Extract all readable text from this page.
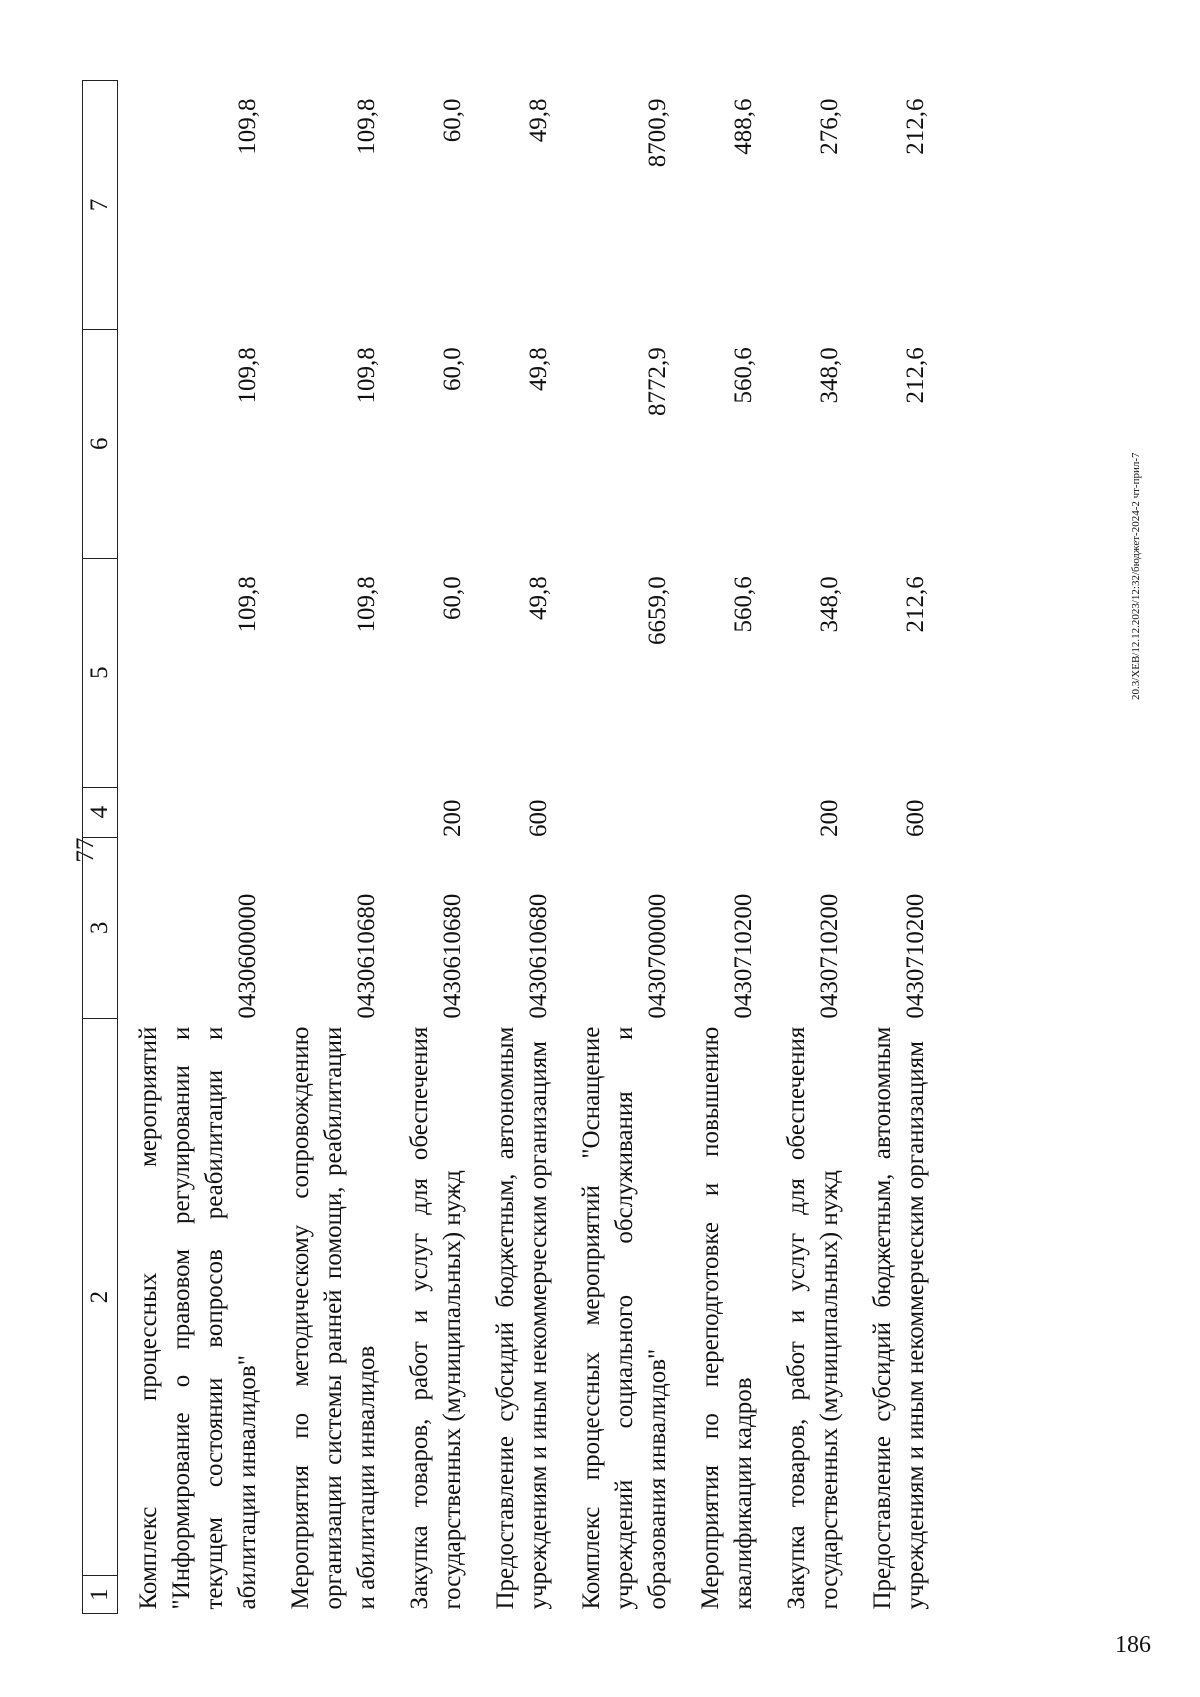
77
1	2	3	4	5	6	7
Комплекс процессных мероприятий "Информирование о правовом регулировании и текущем состоянии вопросов реабилитации и абилитации инвалидов"		0430600000		109,8	109,8	109,8
Мероприятия по методическому сопровождению организации системы ранней помощи, реабилитации и абилитации инвалидов		0430610680		109,8	109,8	109,8
Закупка товаров, работ и услуг для обеспечения государственных (муниципальных) нужд		0430610680	200	60,0	60,0	60,0
Предоставление субсидий бюджетным, автономным учреждениям и иным некоммерческим организациям		0430610680	600	49,8	49,8	49,8
Комплекс процессных мероприятий "Оснащение учреждений социального обслуживания и образования инвалидов"		0430700000		6659,0	8772,9	8700,9
Мероприятия по переподготовке и повышению квалификации кадров		0430710200		560,6	560,6	488,6
Закупка товаров, работ и услуг для обеспечения государственных (муниципальных) нужд		0430710200	200	348,0	348,0	276,0
Предоставление субсидий бюджетным, автономным учреждениям и иным некоммерческим организациям		0430710200	600	212,6	212,6	212,6
20.3/ХЕВ/12.12.2023/12:32/бюджет-2024-2 чт-прил-7
186
